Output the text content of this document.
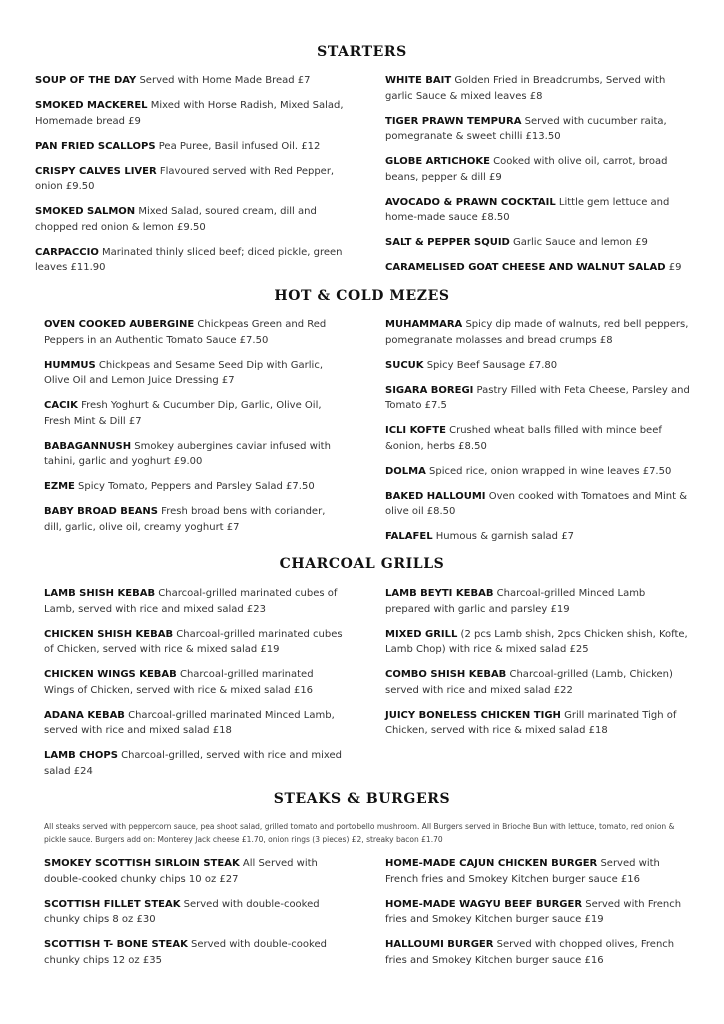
STARTERS
SOUP OF THE DAY Served with Home Made Bread £7
SMOKED MACKEREL Mixed with Horse Radish, Mixed Salad, Homemade bread £9
PAN FRIED SCALLOPS Pea Puree, Basil infused Oil. £12
CRISPY CALVES LIVER Flavoured served with Red Pepper, onion £9.50
SMOKED SALMON Mixed Salad, soured cream, dill and chopped red onion & lemon £9.50
CARPACCIO Marinated thinly sliced beef; diced pickle, green leaves £11.90
WHITE BAIT Golden Fried in Breadcrumbs, Served with garlic Sauce & mixed leaves £8
TIGER PRAWN TEMPURA Served with cucumber raita, pomegranate & sweet chilli £13.50
GLOBE ARTICHOKE Cooked with olive oil, carrot, broad beans, pepper & dill £9
AVOCADO & PRAWN COCKTAIL Little gem lettuce and home-made sauce £8.50
SALT & PEPPER SQUID Garlic Sauce and lemon £9
CARAMELISED GOAT CHEESE AND WALNUT SALAD £9
HOT & COLD MEZES
OVEN COOKED AUBERGINE Chickpeas Green and Red Peppers in an Authentic Tomato Sauce £7.50
HUMMUS Chickpeas and Sesame Seed Dip with Garlic, Olive Oil and Lemon Juice Dressing £7
CACIK Fresh Yoghurt & Cucumber Dip, Garlic, Olive Oil, Fresh Mint & Dill £7
BABAGANNUSH Smokey aubergines caviar infused with tahini, garlic and yoghurt £9.00
EZME Spicy Tomato, Peppers and Parsley Salad £7.50
BABY BROAD BEANS Fresh broad bens with coriander, dill, garlic, olive oil, creamy yoghurt £7
MUHAMMARA Spicy dip made of walnuts, red bell peppers, pomegranate molasses and bread crumps £8
SUCUK Spicy Beef Sausage £7.80
SIGARA BOREGI Pastry Filled with Feta Cheese, Parsley and Tomato £7.5
ICLI KOFTE Crushed wheat balls filled with mince beef &onion, herbs £8.50
DOLMA Spiced rice, onion wrapped in wine leaves £7.50
BAKED HALLOUMI Oven cooked with Tomatoes and Mint & olive oil £8.50
FALAFEL Humous & garnish salad £7
CHARCOAL GRILLS
LAMB SHISH KEBAB Charcoal-grilled marinated cubes of Lamb, served with rice and mixed salad £23
CHICKEN SHISH KEBAB Charcoal-grilled marinated cubes of Chicken, served with rice & mixed salad £19
CHICKEN WINGS KEBAB Charcoal-grilled marinated Wings of Chicken, served with rice & mixed salad £16
ADANA KEBAB Charcoal-grilled marinated Minced Lamb, served with rice and mixed salad £18
LAMB CHOPS Charcoal-grilled, served with rice and mixed salad £24
LAMB BEYTI KEBAB Charcoal-grilled Minced Lamb prepared with garlic and parsley £19
MIXED GRILL (2 pcs Lamb shish, 2pcs Chicken shish, Kofte, Lamb Chop) with rice & mixed salad £25
COMBO SHISH KEBAB Charcoal-grilled (Lamb, Chicken) served with rice and mixed salad £22
JUICY BONELESS CHICKEN TIGH Grill marinated Tigh of Chicken, served with rice & mixed salad £18
STEAKS & BURGERS
All steaks served with peppercorn sauce, pea shoot salad, grilled tomato and portobello mushroom. All Burgers served in Brioche Bun with lettuce, tomato, red onion & pickle sauce. Burgers add on: Monterey Jack cheese £1.70, onion rings (3 pieces) £2, streaky bacon £1.70
SMOKEY SCOTTISH SIRLOIN STEAK All Served with double-cooked chunky chips 10 oz £27
SCOTTISH FILLET STEAK Served with double-cooked chunky chips 8 oz £30
SCOTTISH T- BONE STEAK Served with double-cooked chunky chips 12 oz £35
HOME-MADE CAJUN CHICKEN BURGER Served with French fries and Smokey Kitchen burger sauce £16
HOME-MADE WAGYU BEEF BURGER Served with French fries and Smokey Kitchen burger sauce £19
HALLOUMI BURGER Served with chopped olives, French fries and Smokey Kitchen burger sauce £16
